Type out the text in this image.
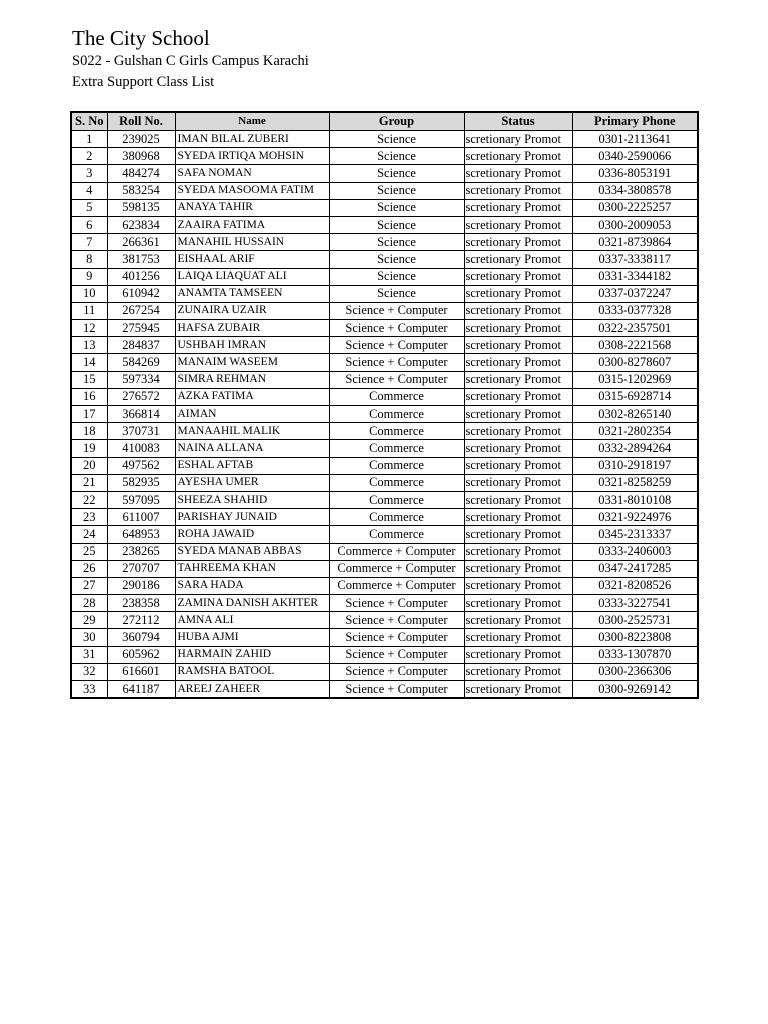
The City School
S022 - Gulshan C Girls Campus Karachi
Extra Support Class List
S. No	Roll No.	Name	Group	Status	Primary Phone
1	239025	IMAN BILAL ZUBERI	Science	scretionary Promot	0301-2113641
2	380968	SYEDA IRTIQA MOHSIN	Science	scretionary Promot	0340-2590066
3	484274	SAFA NOMAN	Science	scretionary Promot	0336-8053191
4	583254	SYEDA MASOOMA FATIM	Science	scretionary Promot	0334-3808578
5	598135	ANAYA TAHIR	Science	scretionary Promot	0300-2225257
6	623834	ZAAIRA FATIMA	Science	scretionary Promot	0300-2009053
7	266361	MANAHIL HUSSAIN	Science	scretionary Promot	0321-8739864
8	381753	EISHAAL ARIF	Science	scretionary Promot	0337-3338117
9	401256	LAIQA LIAQUAT ALI	Science	scretionary Promot	0331-3344182
10	610942	ANAMTA TAMSEEN	Science	scretionary Promot	0337-0372247
11	267254	ZUNAIRA UZAIR	Science + Computer	scretionary Promot	0333-0377328
12	275945	HAFSA ZUBAIR	Science + Computer	scretionary Promot	0322-2357501
13	284837	USHBAH IMRAN	Science + Computer	scretionary Promot	0308-2221568
14	584269	MANAIM WASEEM	Science + Computer	scretionary Promot	0300-8278607
15	597334	SIMRA REHMAN	Science + Computer	scretionary Promot	0315-1202969
16	276572	AZKA FATIMA	Commerce	scretionary Promot	0315-6928714
17	366814	AIMAN	Commerce	scretionary Promot	0302-8265140
18	370731	MANAAHIL MALIK	Commerce	scretionary Promot	0321-2802354
19	410083	NAINA ALLANA	Commerce	scretionary Promot	0332-2894264
20	497562	ESHAL AFTAB	Commerce	scretionary Promot	0310-2918197
21	582935	AYESHA UMER	Commerce	scretionary Promot	0321-8258259
22	597095	SHEEZA SHAHID	Commerce	scretionary Promot	0331-8010108
23	611007	PARISHAY JUNAID	Commerce	scretionary Promot	0321-9224976
24	648953	ROHA JAWAID	Commerce	scretionary Promot	0345-2313337
25	238265	SYEDA MANAB ABBAS	Commerce + Computer	scretionary Promot	0333-2406003
26	270707	TAHREEMA KHAN	Commerce + Computer	scretionary Promot	0347-2417285
27	290186	SARA HADA	Commerce + Computer	scretionary Promot	0321-8208526
28	238358	ZAMINA DANISH AKHTER	Science + Computer	scretionary Promot	0333-3227541
29	272112	AMNA ALI	Science + Computer	scretionary Promot	0300-2525731
30	360794	HUBA AJMI	Science + Computer	scretionary Promot	0300-8223808
31	605962	HARMAIN ZAHID	Science + Computer	scretionary Promot	0333-1307870
32	616601	RAMSHA BATOOL	Science + Computer	scretionary Promot	0300-2366306
33	641187	AREEJ ZAHEER	Science + Computer	scretionary Promot	0300-9269142
